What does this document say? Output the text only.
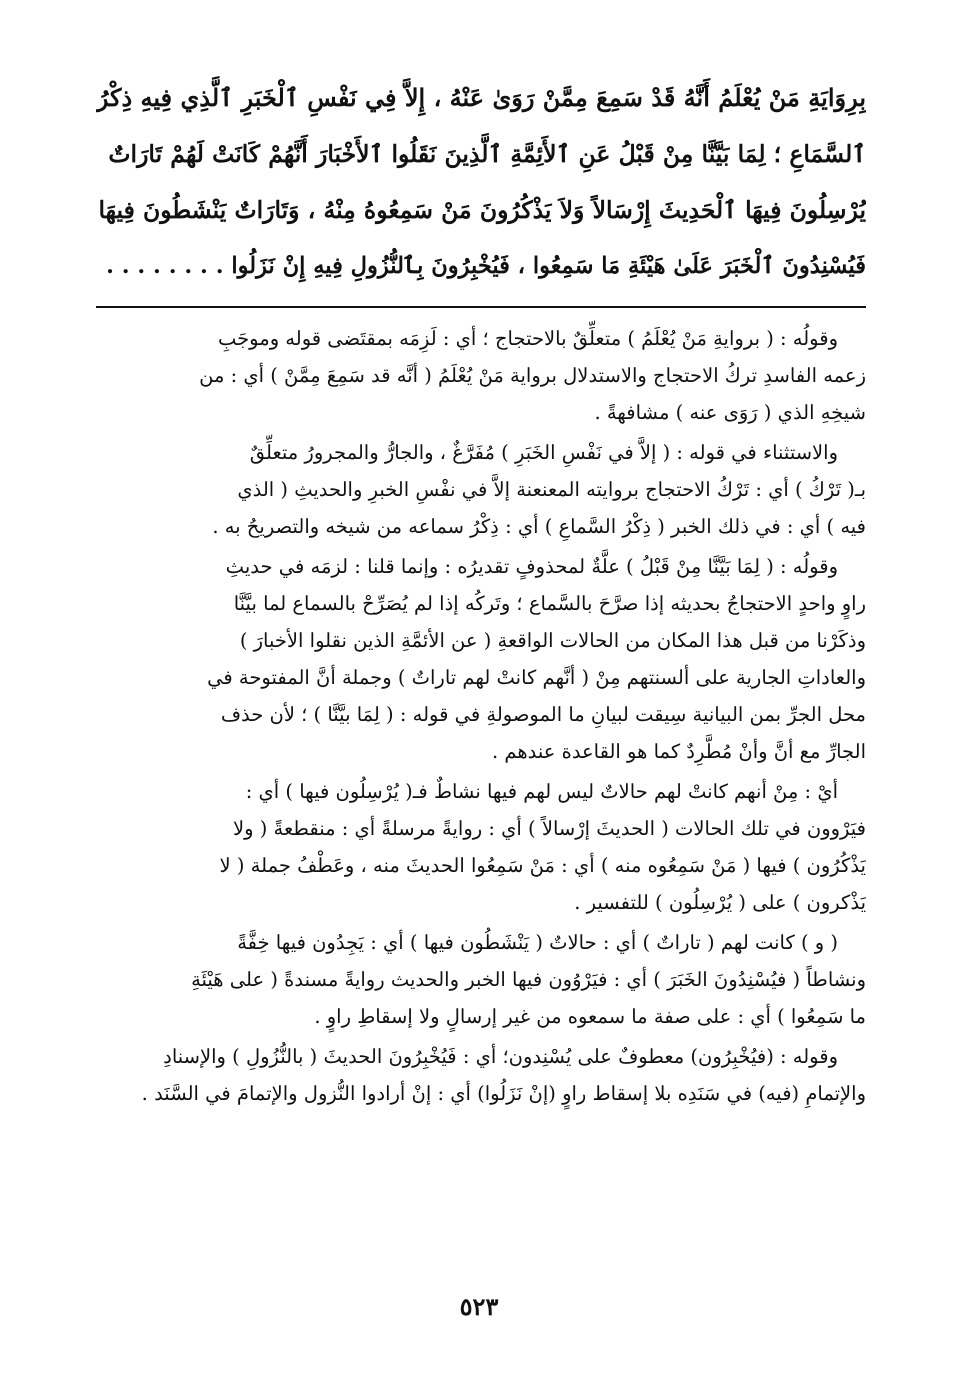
بِرِوَايَةِ مَنْ يُعْلَمُ أَنَّهُ قَدْ سَمِعَ مِمَّنْ رَوَىٰ عَنْهُ ، إِلاَّ فِي نَفْسِ ٱلْخَبَرِ ٱلَّذِي فِيهِ ذِكْرُ
ٱلسَّمَاعِ ؛ لِمَا بَيَّنَّا مِنْ قَبْلُ عَنِ ٱلأَئِمَّةِ ٱلَّذِينَ نَقَلُوا ٱلأَخْبَارَ أَنَّهُمْ كَانَتْ لَهُمْ تَارَاتٌ
يُرْسِلُونَ فِيهَا ٱلْحَدِيثَ إِرْسَالاً وَلاَ يَذْكُرُونَ مَنْ سَمِعُوهُ مِنْهُ ، وَتَارَاتٌ يَنْشَطُونَ فِيهَا
فَيُسْنِدُونَ ٱلْخَبَرَ عَلَىٰ هَيْئَةِ مَا سَمِعُوا ، فَيُخْبِرُونَ بِٱلنُّزُولِ فِيهِ إِنْ نَزَلُوا . . . . . . . .
وقولُه : ( بروايةِ مَنْ يُعْلَمُ ) متعلِّقٌ بالاحتجاج ؛ أي : لَزِمَه بمقتَضى قوله وموجَبِ
زعمه الفاسدِ تركُ الاحتجاج والاستدلال برواية مَنْ يُعْلَمُ ( أنَّه قد سَمِعَ مِمَّنْ ) أي : من
شيخِهِ الذي ( رَوَى عنه ) مشافهةً .
والاستثناء في قوله : ( إلاَّ في نَفْسِ الخَبَرِ ) مُفَرَّغٌ ، والجارُّ والمجرورُ متعلِّقٌ
بـ( تَرْكُ ) أي : تَرْكُ الاحتجاج بروايته المعنعنة إلاَّ في نفْسِ الخبرِ والحديثِ ( الذي
فيه ) أي : في ذلك الخبر ( ذِكْرُ السَّماعِ ) أي : ذِكْرُ سماعه من شيخه والتصريحُ به .
وقولُه : ( لِمَا بَيَّنَّا مِنْ قَبْلُ ) علَّةٌ لمحذوفٍ تقديرُه : وإنما قلنا : لزمَه في حديثِ
راوٍ واحدٍ الاحتجاجُ بحديثه إذا صرَّحَ بالسَّماع ؛ وتَركُه إذا لم يُصَرِّحْ بالسماع لما بيَّنَّا
وذكَرْنا من قبل هذا المكان من الحالات الواقعةِ ( عن الأئمَّةِ الذين نقلوا الأخبارَ )
والعاداتِ الجارية على ألسنتهم مِنْ ( أنَّهم كانتْ لهم تاراتٌ ) وجملة أنَّ المفتوحة في
محل الجرِّ بمن البيانية سِيقت لبيانِ ما الموصولةِ في قوله : ( لِمَا بيَّنَّا ) ؛ لأن حذف
الجارِّ مع أنَّ وأنْ مُطَّرِدٌ كما هو القاعدة عندهم .
أيْ : مِنْ أنهم كانتْ لهم حالاتٌ ليس لهم فيها نشاطٌ فـ( يُرْسِلُون فيها ) أي :
فيَرْوون في تلك الحالات ( الحديثَ إرْسالاً ) أي : روايةً مرسلةً أي : منقطعةً ( ولا
يَذْكُرُون ) فيها ( مَنْ سَمِعُوه منه ) أي : مَنْ سَمِعُوا الحديثَ منه ، وعَطْفُ جملة ( لا
يَذْكرون ) على ( يُرْسِلُون ) للتفسير .
( و ) كانت لهم ( تاراتٌ ) أي : حالاتٌ ( يَنْشَطُون فيها ) أي : يَجِدُون فيها خِفَّةً
ونشاطاً ( فيُسْنِدُونَ الخَبَرَ ) أي : فيَرْوُون فيها الخبر والحديث روايةً مسندةً ( على هَيْئَةِ
ما سَمِعُوا ) أي : على صفة ما سمعوه من غير إرسالٍ ولا إسقاطِ راوٍ .
وقوله : (فيُخْبِرُون) معطوفٌ على يُسْنِدون؛ أي : فَيُخْبِرُونَ الحديثَ ( بالنُّزُولِ ) والإسنادِ
والإتمامِ (فيه) في سَنَدِه بلا إسقاط راوٍ (إنْ نَزَلُوا) أي : إنْ أرادوا النُّزول والإتمامَ في السَّنَد .
٥٢٣
